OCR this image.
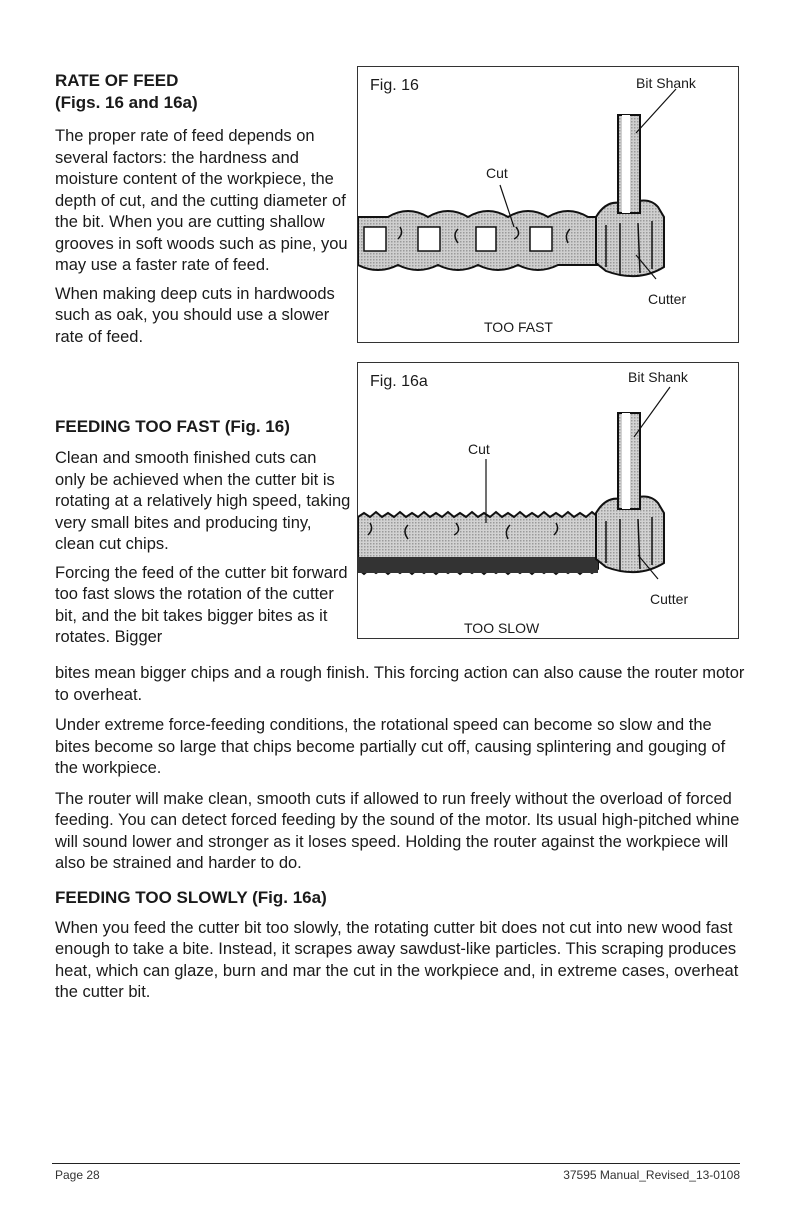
RATE OF FEED
(Figs. 16 and 16a)

The proper rate of feed depends on several factors: the hardness and moisture content of the workpiece, the depth of cut, and the cutting diameter of the bit. When you are cutting shallow grooves in soft woods such as pine, you may use a faster rate of feed.

When making deep cuts in hardwoods such as oak, you should use a slower rate of feed.

FEEDING TOO FAST (Fig. 16)

Clean and smooth finished cuts can only be achieved when the cutter bit is rotating at a relatively high speed, taking very small bites and producing tiny, clean cut chips.

Forcing the feed of the cutter bit forward too fast slows the rotation of the cutter bit, and the bit takes bigger bites as it rotates. Bigger

Fig. 16	Bit Shank
Cut
Cutter
TOO FAST
Fig. 16a	Bit Shank
Cut
Cutter
TOO SLOW

bites mean bigger chips and a rough finish. This forcing action can also cause the router motor to overheat.

Under extreme force-feeding conditions, the rotational speed can become so slow and the bites become so large that chips become partially cut off, causing splintering and gouging of the workpiece.

The router will make clean, smooth cuts if allowed to run freely without the overload of forced feeding. You can detect forced feeding by the sound of the motor. Its usual high-pitched whine will sound lower and stronger as it loses speed. Holding the router against the workpiece will also be strained and harder to do.

FEEDING TOO SLOWLY (Fig. 16a)

When you feed the cutter bit too slowly, the rotating cutter bit does not cut into new wood fast enough to take a bite. Instead, it scrapes away sawdust-like particles. This scraping produces heat, which can glaze, burn and mar the cut in the workpiece and, in extreme cases, overheat the cutter bit.

Page 28	37595 Manual_Revised_13-0108
